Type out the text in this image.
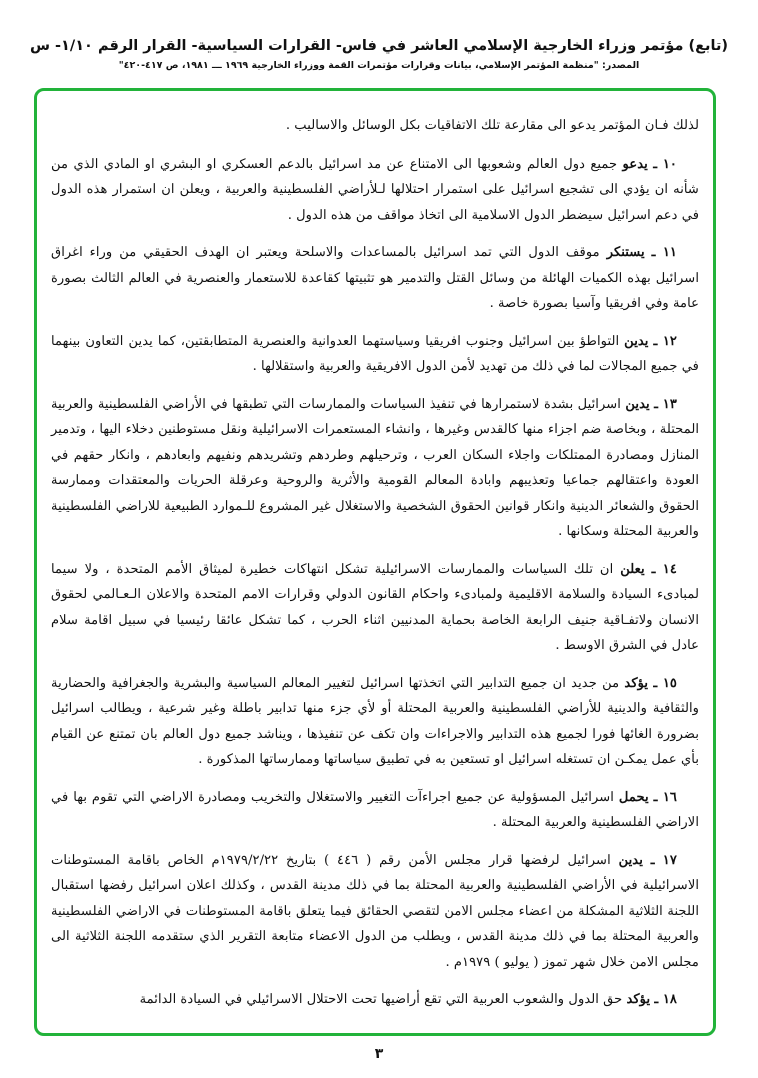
(تابع) مؤتمر وزراء الخارجية الإسلامي العاشر في فاس- القرارات السياسية- القرار الرقم ١/١٠- س

المصدر: "منظمة المؤتمر الإسلامي، بيانات وقرارات مؤتمرات القمة ووزراء الخارجية ١٩٦٩ ـــ ١٩٨١، ص ٤١٧-٤٢٠"

لذلك فـان المؤتمر يدعو الى مقارعة تلك الاتفاقيات بكل الوسائل والاساليب .

١٠ ـ يدعو جميع دول العالم وشعوبها الى الامتناع عن مد اسرائيل بالدعم العسكري او البشري او المادي الذي من شأنه ان يؤدي الى تشجيع اسرائيل على استمرار احتلالها لـلأراضي الفلسطينية والعربية ، ويعلن ان استمرار هذه الدول في دعم اسرائيل سيضطر الدول الاسلامية الى اتخاذ مواقف من هذه الدول .

١١ ـ يستنكر موقف الدول التي تمد اسرائيل بالمساعدات والاسلحة ويعتبر ان الهدف الحقيقي من وراء اغراق اسرائيل بهذه الكميات الهائلة من وسائل القتل والتدمير هو تثبيتها كقاعدة للاستعمار والعنصرية في العالم الثالث بصورة عامة وفي افريقيا وآسيا بصورة خاصة .

١٢ ـ يدين التواطؤ بين اسرائيل وجنوب افريقيا وسياستهما العدوانية والعنصرية المتطابقتين، كما يدين التعاون بينهما في جميع المجالات لما في ذلك من تهديد لأمن الدول الافريقية والعربية واستقلالها .

١٣ ـ يدين اسرائيل بشدة لاستمرارها في تنفيذ السياسات والممارسات التي تطبقها في الأراضي الفلسطينية والعربية المحتلة ، وبخاصة ضم اجزاء منها كالقدس وغيرها ، وانشاء المستعمرات الاسرائيلية ونقل مستوطنين دخلاء اليها ، وتدمير المنازل ومصادرة الممتلكات واجلاء السكان العرب ، وترحيلهم وطردهم وتشريدهم ونفيهم وابعادهم ، وانكار حقهم في العودة واعتقالهم جماعيا وتعذيبهم وابادة المعالم القومية والأثرية والروحية وعرقلة الحريات والمعتقدات وممارسة الحقوق والشعائر الدينية وانكار قوانين الحقوق الشخصية والاستغلال غير المشروع للـموارد الطبيعية للاراضي الفلسطينية والعربية المحتلة وسكانها .

١٤ ـ يعلن ان تلك السياسات والممارسات الاسرائيلية تشكل انتهاكات خطيرة لميثاق الأمم المتحدة ، ولا سيما لمبادىء السيادة والسلامة الاقليمية ولمبادىء واحكام القانون الدولي وقرارات الامم المتحدة والاعلان الـعـالمي لحقوق الانسان ولاتفـاقية جنيف الرابعة الخاصة بحماية المدنيين اثناء الحرب ، كما تشكل عائقا رئيسيا في سبيل اقامة سلام عادل في الشرق الاوسط .

١٥ ـ يؤكد من جديد ان جميع التدابير التي اتخذتها اسرائيل لتغيير المعالم السياسية والبشرية والجغرافية والحضارية والثقافية والدينية للأراضي الفلسطينية والعربية المحتلة أو لأي جزء منها تدابير باطلة وغير شرعية ، ويطالب اسرائيل بضرورة الغائها فورا لجميع هذه التدابير والاجراءات وان تكف عن تنفيذها ، ويناشد جميع دول العالم بان تمتنع عن القيام بأي عمل يمكـن ان تستغله اسرائيل او تستعين به في تطبيق سياساتها وممارساتها المذكورة .

١٦ ـ يحمل اسرائيل المسؤولية عن جميع اجراءآت التغيير والاستغلال والتخريب ومصادرة الاراضي التي تقوم بها في الاراضي الفلسطينية والعربية المحتلة .

١٧ ـ يدين اسرائيل لرفضها قرار مجلس الأمن رقم ( ٤٤٦ ) بتاريخ ١٩٧٩/٢/٢٢م الخاص باقامة المستوطنات الاسرائيلية في الأراضي الفلسطينية والعربية المحتلة بما في ذلك مدينة القدس ، وكذلك اعلان اسرائيل رفضها استقبال اللجنة الثلاثية المشكلة من اعضاء مجلس الامن لتقصي الحقائق فيما يتعلق باقامة المستوطنات في الاراضي الفلسطينية والعربية المحتلة بما في ذلك مدينة القدس ، ويطلب من الدول الاعضاء متابعة التقرير الذي ستقدمه اللجنة الثلاثية الى مجلس الامن خلال شهر تموز ( يوليو ) ١٩٧٩م .

١٨ ـ يؤكد حق الدول والشعوب العربية التي تقع أراضيها تحت الاحتلال الاسرائيلي في السيادة الدائمة

٣
